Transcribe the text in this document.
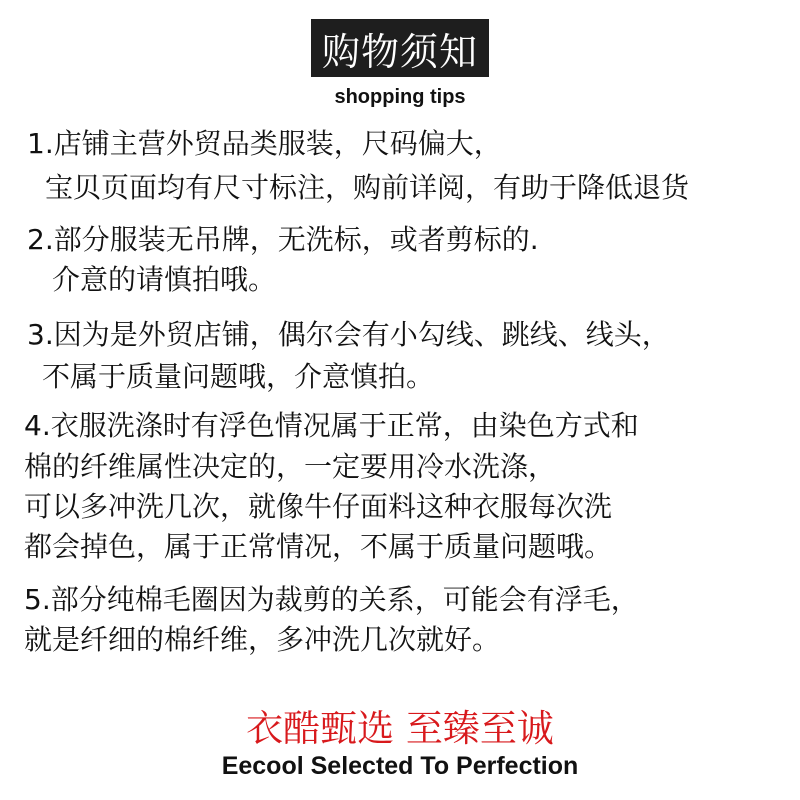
购物须知
shopping tips
1.店铺主营外贸品类服装，尺码偏大，
宝贝页面均有尺寸标注，购前详阅，有助于降低退货
2.部分服装无吊牌，无洗标，或者剪标的.
介意的请慎拍哦。
3.因为是外贸店铺，偶尔会有小勾线、跳线、线头，
不属于质量问题哦，介意慎拍。
4.衣服洗涤时有浮色情况属于正常，由染色方式和
棉的纤维属性决定的，一定要用冷水洗涤，
可以多冲洗几次，就像牛仔面料这种衣服每次洗
都会掉色，属于正常情况，不属于质量问题哦。
5.部分纯棉毛圈因为裁剪的关系，可能会有浮毛，
就是纤细的棉纤维，多冲洗几次就好。
衣酷甄选 至臻至诚
Eecool Selected To Perfection
